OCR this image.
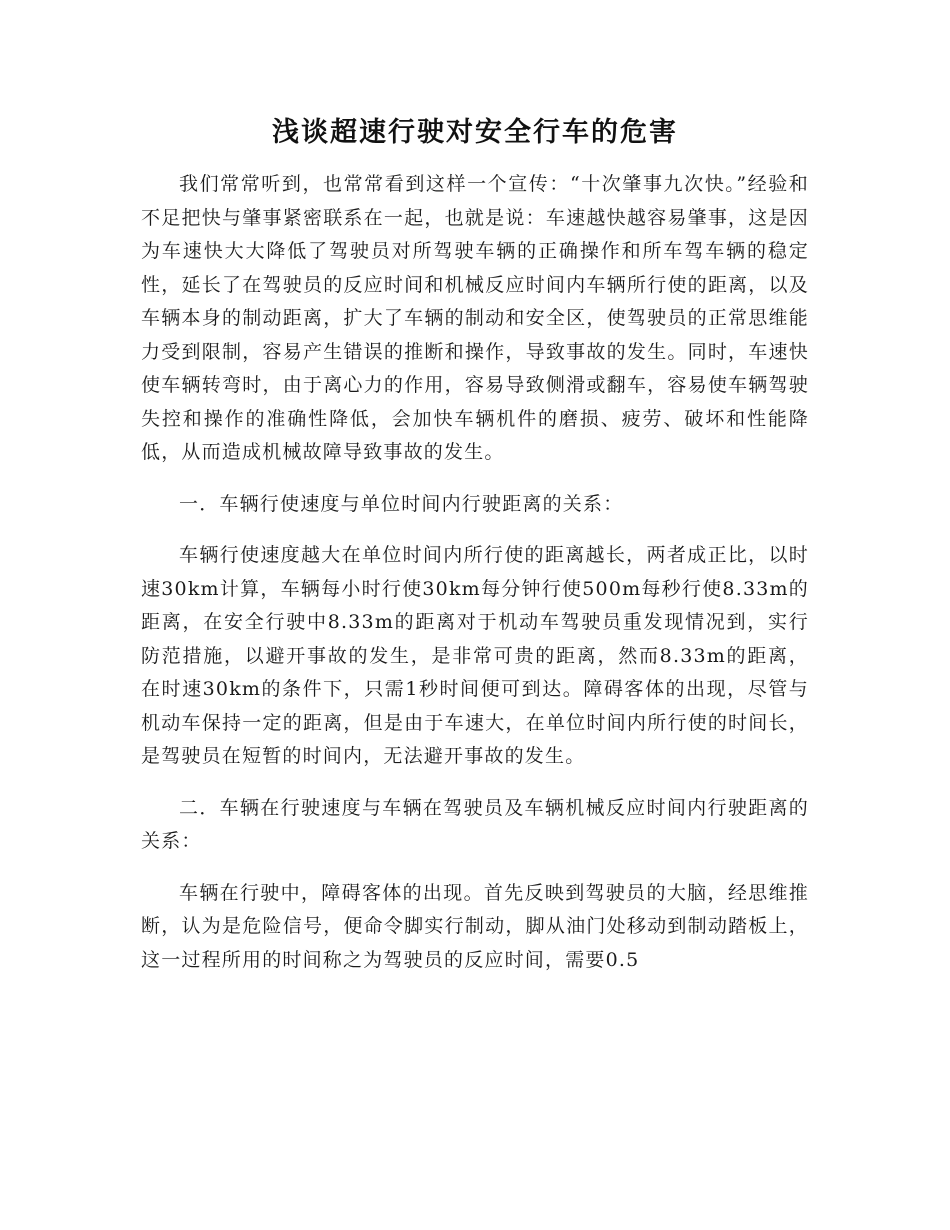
浅谈超速行驶对安全行车的危害

我们常常听到，也常常看到这样一个宣传：“十次肇事九次快。”经验和不足把快与肇事紧密联系在一起，也就是说：车速越快越容易肇事，这是因为车速快大大降低了驾驶员对所驾驶车辆的正确操作和所车驾车辆的稳定性，延长了在驾驶员的反应时间和机械反应时间内车辆所行使的距离，以及车辆本身的制动距离，扩大了车辆的制动和安全区，使驾驶员的正常思维能力受到限制，容易产生错误的推断和操作，导致事故的发生。同时，车速快使车辆转弯时，由于离心力的作用，容易导致侧滑或翻车，容易使车辆驾驶失控和操作的准确性降低，会加快车辆机件的磨损、疲劳、破坏和性能降低，从而造成机械故障导致事故的发生。

一．车辆行使速度与单位时间内行驶距离的关系：

车辆行使速度越大在单位时间内所行使的距离越长，两者成正比，以时速30km计算，车辆每小时行使30km每分钟行使500m每秒行使8.33m的距离，在安全行驶中8.33m的距离对于机动车驾驶员重发现情况到，实行防范措施，以避开事故的发生，是非常可贵的距离，然而8.33m的距离，在时速30km的条件下，只需1秒时间便可到达。障碍客体的出现，尽管与机动车保持一定的距离，但是由于车速大，在单位时间内所行使的时间长，是驾驶员在短暂的时间内，无法避开事故的发生。

二．车辆在行驶速度与车辆在驾驶员及车辆机械反应时间内行驶距离的关系：

车辆在行驶中，障碍客体的出现。首先反映到驾驶员的大脑，经思维推断，认为是危险信号，便命令脚实行制动，脚从油门处移动到制动踏板上，这一过程所用的时间称之为驾驶员的反应时间，需要0.5
